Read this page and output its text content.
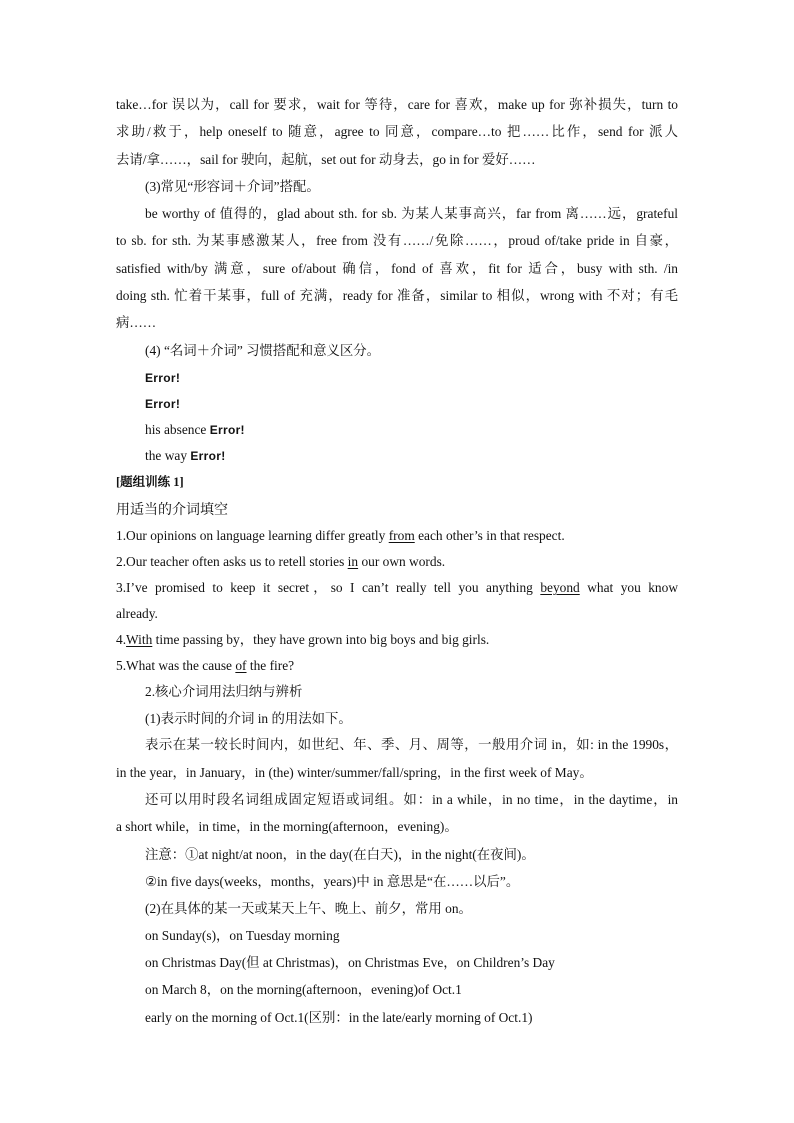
take…for 误以为，call for 要求，wait for 等待，care for 喜欢，make up for 弥补损失，turn to

求助/救于，help oneself to 随意，agree to 同意，compare…to 把……比作，send for 派人

去请/拿……，sail for 驶向，起航，set out for 动身去，go in for 爱好……

(3)常见“形容词＋介词”搭配。

be worthy of 值得的，glad about sth. for sb. 为某人某事高兴，far from 离……远，grateful

to sb. for sth. 为某事感激某人，free from 没有……/免除……，proud of/take pride in 自豪，

satisfied with/by 满意，sure of/about 确信，fond of 喜欢，fit for 适合，busy with sth. /in

doing sth. 忙着干某事，full of 充满，ready for 准备，similar to 相似，wrong with 不对；有毛

病……

(4) “名词＋介词” 习惯搭配和意义区分。

Error!

Error!

his absence Error!

the way Error!

[题组训练 1]

用适当的介词填空

1.Our opinions on language learning differ greatly from each other’s in that respect.

2.Our teacher often asks us to retell stories in our own words.

3.I’ve promised to keep it secret，so I can’t really tell you anything beyond what you know

already.

4.With time passing by，they have grown into big boys and big girls.

5.What was the cause of the fire?

2.核心介词用法归纳与辨析

(1)表示时间的介词 in 的用法如下。

表示在某一较长时间内，如世纪、年、季、月、周等，一般用介词 in，如: in the 1990s，

in the year，in January，in (the) winter/summer/fall/spring，in the first week of May。

还可以用时段名词组成固定短语或词组。如：in a while，in no time，in the daytime，in

a short while，in time，in the morning(afternoon，evening)。

注意：①at night/at noon，in the day(在白天)，in the night(在夜间)。

②in five days(weeks，months，years)中 in 意思是“在……以后”。

(2)在具体的某一天或某天上午、晚上、前夕，常用 on。

on Sunday(s)，on Tuesday morning

on Christmas Day(但 at Christmas)，on Christmas Eve，on Children’s Day

on March 8，on the morning(afternoon，evening)of Oct.1

early on the morning of Oct.1(区别：in the late/early morning of Oct.1)
